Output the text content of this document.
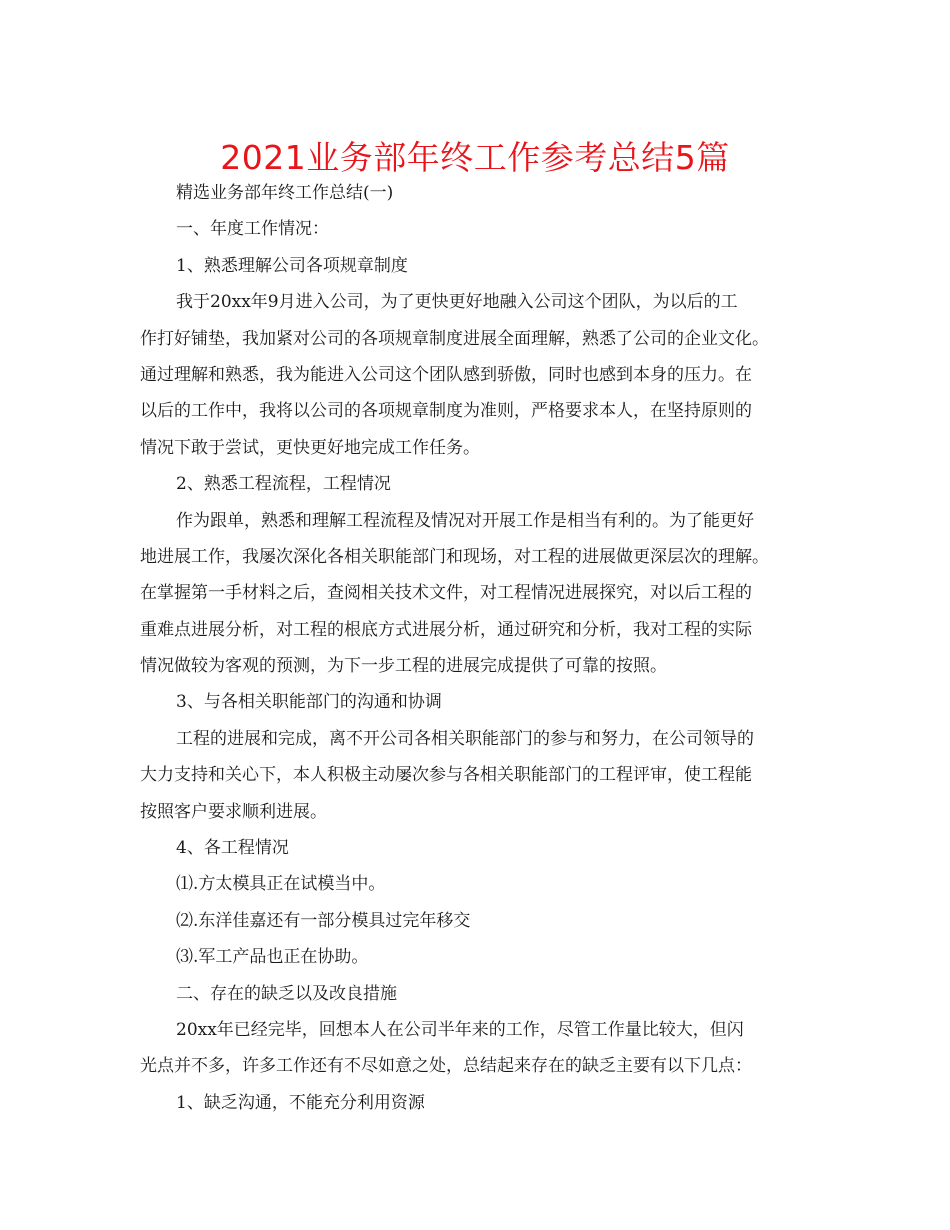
2021业务部年终工作参考总结5篇
精选业务部年终工作总结(一)
一、年度工作情况：
1、熟悉理解公司各项规章制度
我于20xx年9月进入公司，为了更快更好地融入公司这个团队，为以后的工
作打好铺垫，我加紧对公司的各项规章制度进展全面理解，熟悉了公司的企业文化。
通过理解和熟悉，我为能进入公司这个团队感到骄傲，同时也感到本身的压力。在
以后的工作中，我将以公司的各项规章制度为准则，严格要求本人，在坚持原则的
情况下敢于尝试，更快更好地完成工作任务。
2、熟悉工程流程，工程情况
作为跟单，熟悉和理解工程流程及情况对开展工作是相当有利的。为了能更好
地进展工作，我屡次深化各相关职能部门和现场，对工程的进展做更深层次的理解。
在掌握第一手材料之后，查阅相关技术文件，对工程情况进展探究，对以后工程的
重难点进展分析，对工程的根底方式进展分析，通过研究和分析，我对工程的实际
情况做较为客观的预测，为下一步工程的进展完成提供了可靠的按照。
3、与各相关职能部门的沟通和协调
工程的进展和完成，离不开公司各相关职能部门的参与和努力，在公司领导的
大力支持和关心下，本人积极主动屡次参与各相关职能部门的工程评审，使工程能
按照客户要求顺利进展。
4、各工程情况
⑴.方太模具正在试模当中。
⑵.东洋佳嘉还有一部分模具过完年移交
⑶.军工产品也正在协助。
二、存在的缺乏以及改良措施
20xx年已经完毕，回想本人在公司半年来的工作，尽管工作量比较大，但闪
光点并不多，许多工作还有不尽如意之处，总结起来存在的缺乏主要有以下几点：
1、缺乏沟通，不能充分利用资源
